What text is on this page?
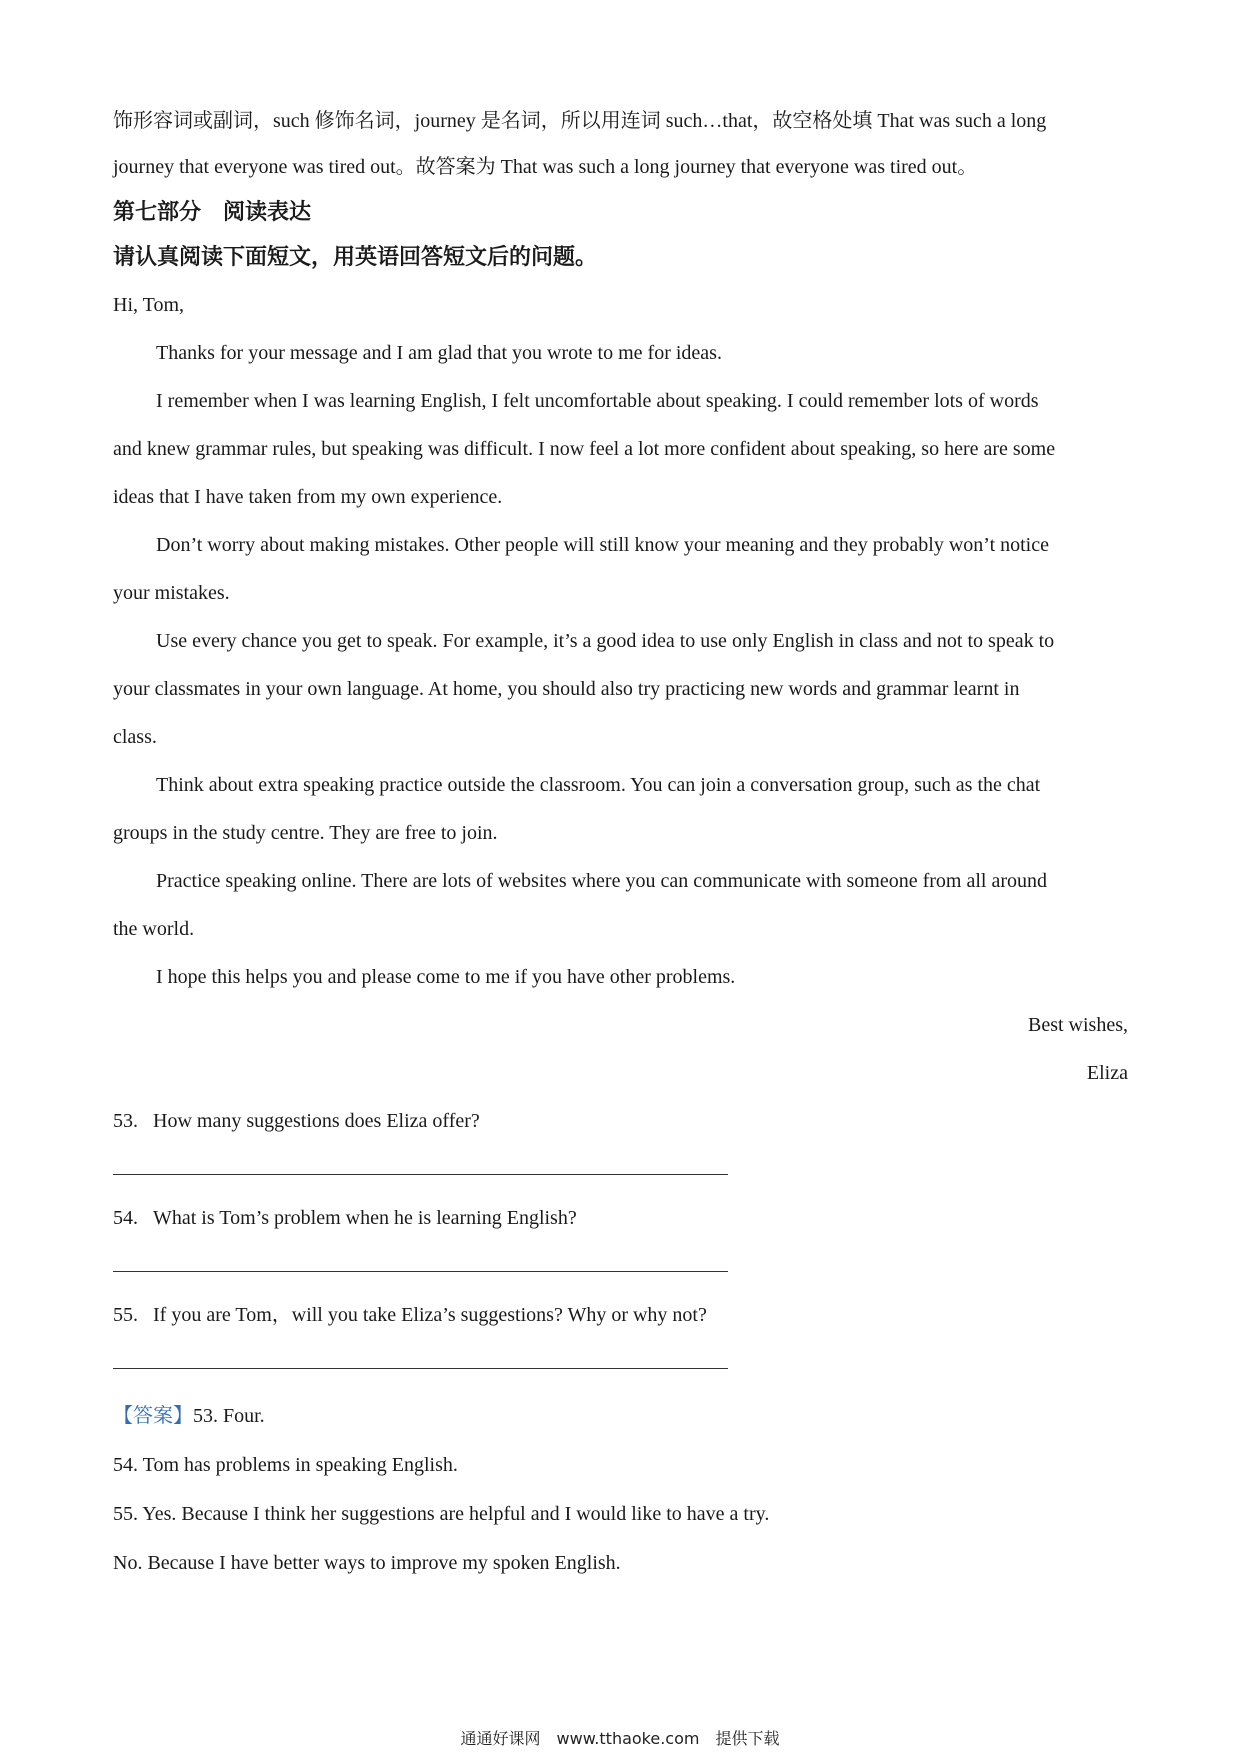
饰形容词或副词，such 修饰名词，journey 是名词，所以用连词 such…that，故空格处填 That was such a long
journey that everyone was tired out。故答案为 That was such a long journey that everyone was tired out。
第七部分　阅读表达
请认真阅读下面短文，用英语回答短文后的问题。
Hi, Tom,
Thanks for your message and I am glad that you wrote to me for ideas.
I remember when I was learning English, I felt uncomfortable about speaking. I could remember lots of words
and knew grammar rules, but speaking was difficult. I now feel a lot more confident about speaking, so here are some
ideas that I have taken from my own experience.
Don’t worry about making mistakes. Other people will still know your meaning and they probably won’t notice
your mistakes.
Use every chance you get to speak. For example, it’s a good idea to use only English in class and not to speak to
your classmates in your own language. At home, you should also try practicing new words and grammar learnt in
class.
Think about extra speaking practice outside the classroom. You can join a conversation group, such as the chat
groups in the study centre. They are free to join.
Practice speaking online. There are lots of websites where you can communicate with someone from all around
the world.
I hope this helps you and please come to me if you have other problems.
Best wishes,
Eliza
53. How many suggestions does Eliza offer?
54. What is Tom’s problem when he is learning English?
55. If you are Tom，will you take Eliza’s suggestions? Why or why not?
【答案】53. Four.
54. Tom has problems in speaking English.
55. Yes. Because I think her suggestions are helpful and I would like to have a try.
No. Because I have better ways to improve my spoken English.
通通好课网　www.tthaoke.com　提供下载
